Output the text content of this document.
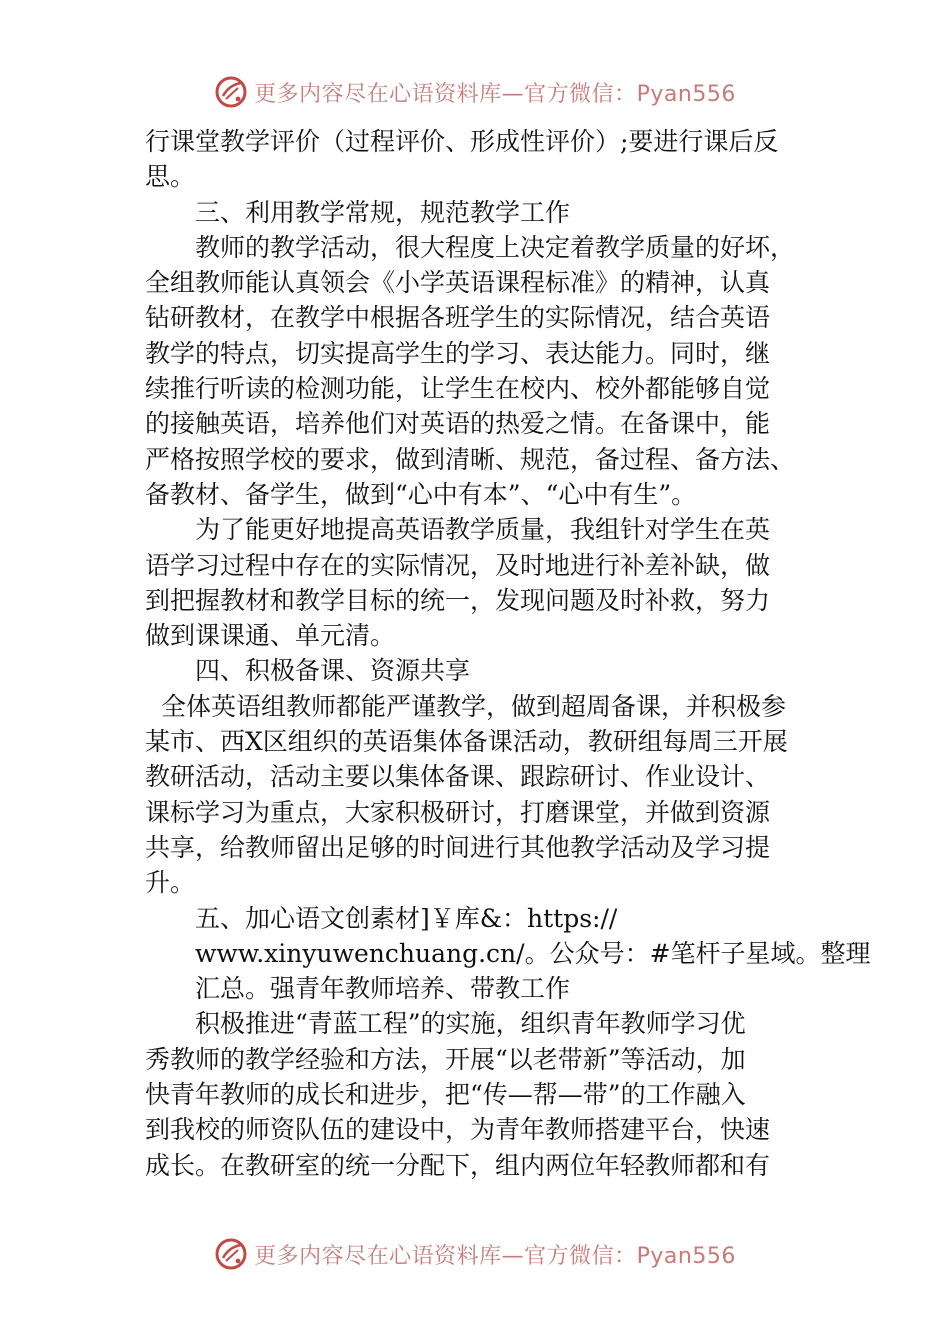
更多内容尽在心语资料库—官方微信：Pyan556
行课堂教学评价（过程评价、形成性评价）;要进行课后反
思。
三、利用教学常规，规范教学工作
教师的教学活动，很大程度上决定着教学质量的好坏，
全组教师能认真领会《小学英语课程标准》的精神，认真
钻研教材，在教学中根据各班学生的实际情况，结合英语
教学的特点，切实提高学生的学习、表达能力。同时，继
续推行听读的检测功能，让学生在校内、校外都能够自觉
的接触英语，培养他们对英语的热爱之情。在备课中，能
严格按照学校的要求，做到清晰、规范，备过程、备方法、
备教材、备学生，做到“心中有本”、“心中有生”。
为了能更好地提高英语教学质量，我组针对学生在英
语学习过程中存在的实际情况，及时地进行补差补缺，做
到把握教材和教学目标的统一，发现问题及时补救，努力
做到课课通、单元清。
四、积极备课、资源共享
全体英语组教师都能严谨教学，做到超周备课，并积极参
某市、西X区组织的英语集体备课活动，教研组每周三开展
教研活动，活动主要以集体备课、跟踪研讨、作业设计、
课标学习为重点，大家积极研讨，打磨课堂，并做到资源
共享，给教师留出足够的时间进行其他教学活动及学习提
升。
五、加心语文创素材]￥库&：https://
www.xinyuwenchuang.cn/。公众号：#笔杆子星域。整理
汇总。强青年教师培养、带教工作
积极推进“青蓝工程”的实施，组织青年教师学习优
秀教师的教学经验和方法，开展“以老带新”等活动，加
快青年教师的成长和进步，把“传—帮—带”的工作融入
到我校的师资队伍的建设中，为青年教师搭建平台，快速
成长。在教研室的统一分配下，组内两位年轻教师都和有
更多内容尽在心语资料库—官方微信：Pyan556
